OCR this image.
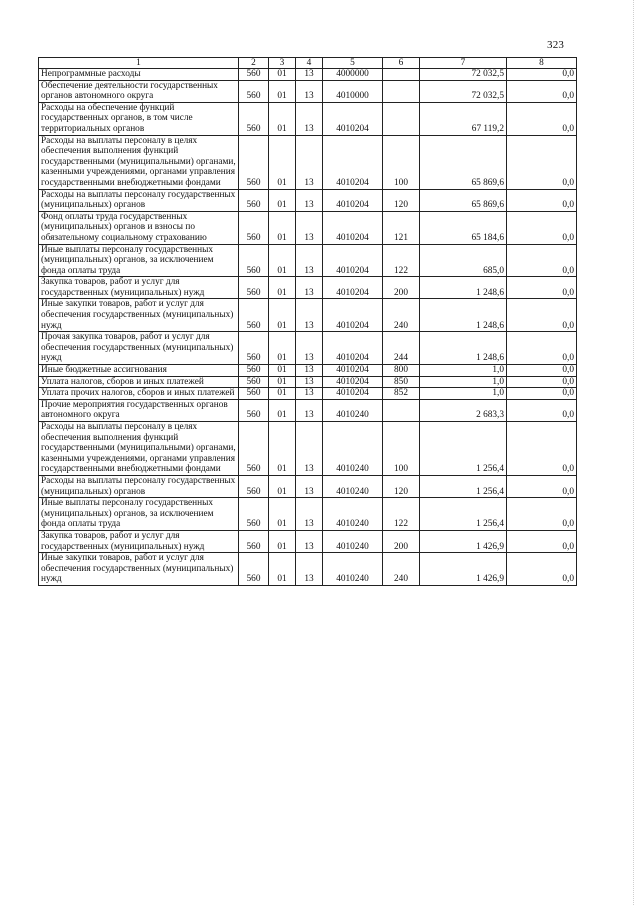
323
1	2	3	4	5	6	7	8
Непрограммные расходы	560	01	13	4000000		72 032,5	0,0
Обеспечение деятельности государственных органов автономного округа	560	01	13	4010000		72 032,5	0,0
Расходы на обеспечение функций государственных органов, в том числе территориальных органов	560	01	13	4010204		67 119,2	0,0
Расходы на выплаты персоналу в целях обеспечения выполнения функций государственными (муниципальными) органами, казенными учреждениями, органами управления государственными внебюджетными фондами	560	01	13	4010204	100	65 869,6	0,0
Расходы на выплаты персоналу государственных (муниципальных) органов	560	01	13	4010204	120	65 869,6	0,0
Фонд оплаты труда государственных (муниципальных) органов и взносы по обязательному социальному страхованию	560	01	13	4010204	121	65 184,6	0,0
Иные выплаты персоналу государственных (муниципальных) органов, за исключением фонда оплаты труда	560	01	13	4010204	122	685,0	0,0
Закупка товаров, работ и услуг для государственных (муниципальных) нужд	560	01	13	4010204	200	1 248,6	0,0
Иные закупки товаров, работ и услуг для обеспечения государственных (муниципальных) нужд	560	01	13	4010204	240	1 248,6	0,0
Прочая закупка товаров, работ и услуг для обеспечения государственных (муниципальных) нужд	560	01	13	4010204	244	1 248,6	0,0
Иные бюджетные ассигнования	560	01	13	4010204	800	1,0	0,0
Уплата налогов, сборов и иных платежей	560	01	13	4010204	850	1,0	0,0
Уплата прочих налогов, сборов и иных платежей	560	01	13	4010204	852	1,0	0,0
Прочие мероприятия государственных органов автономного округа	560	01	13	4010240		2 683,3	0,0
Расходы на выплаты персоналу в целях обеспечения выполнения функций государственными (муниципальными) органами, казенными учреждениями, органами управления государственными внебюджетными фондами	560	01	13	4010240	100	1 256,4	0,0
Расходы на выплаты персоналу государственных (муниципальных) органов	560	01	13	4010240	120	1 256,4	0,0
Иные выплаты персоналу государственных (муниципальных) органов, за исключением фонда оплаты труда	560	01	13	4010240	122	1 256,4	0,0
Закупка товаров, работ и услуг для государственных (муниципальных) нужд	560	01	13	4010240	200	1 426,9	0,0
Иные закупки товаров, работ и услуг для обеспечения государственных (муниципальных) нужд	560	01	13	4010240	240	1 426,9	0,0
